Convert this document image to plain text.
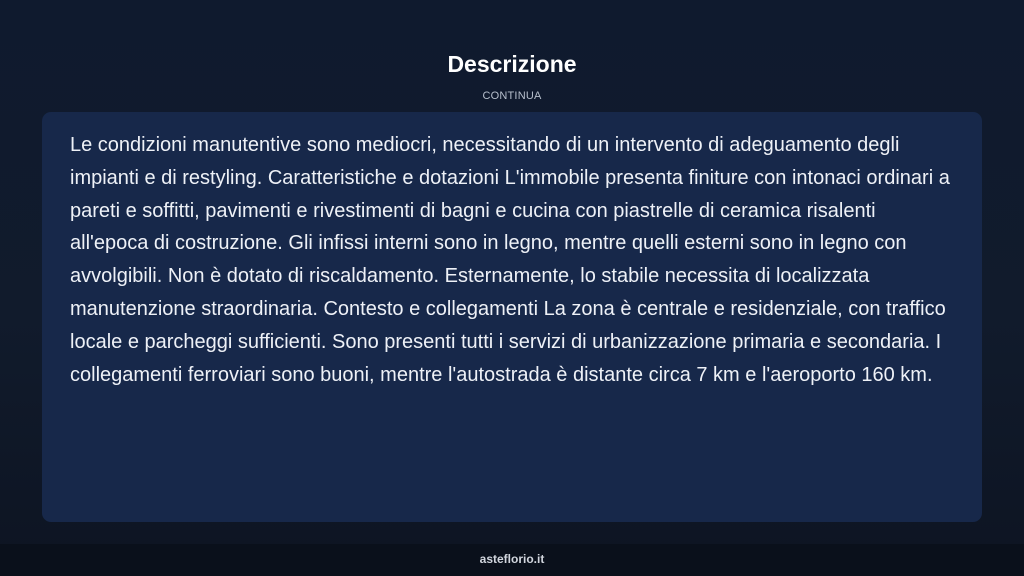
Descrizione
CONTINUA

Le condizioni manutentive sono mediocri, necessitando di un intervento di adeguamento degli impianti e di restyling. Caratteristiche e dotazioni L'immobile presenta finiture con intonaci ordinari a pareti e soffitti, pavimenti e rivestimenti di bagni e cucina con piastrelle di ceramica risalenti all'epoca di costruzione. Gli infissi interni sono in legno, mentre quelli esterni sono in legno con avvolgibili. Non è dotato di riscaldamento. Esternamente, lo stabile necessita di localizzata manutenzione straordinaria. Contesto e collegamenti La zona è centrale e residenziale, con traffico locale e parcheggi sufficienti. Sono presenti tutti i servizi di urbanizzazione primaria e secondaria. I collegamenti ferroviari sono buoni, mentre l'autostrada è distante circa 7 km e l'aeroporto 160 km.

asteflorio.it
